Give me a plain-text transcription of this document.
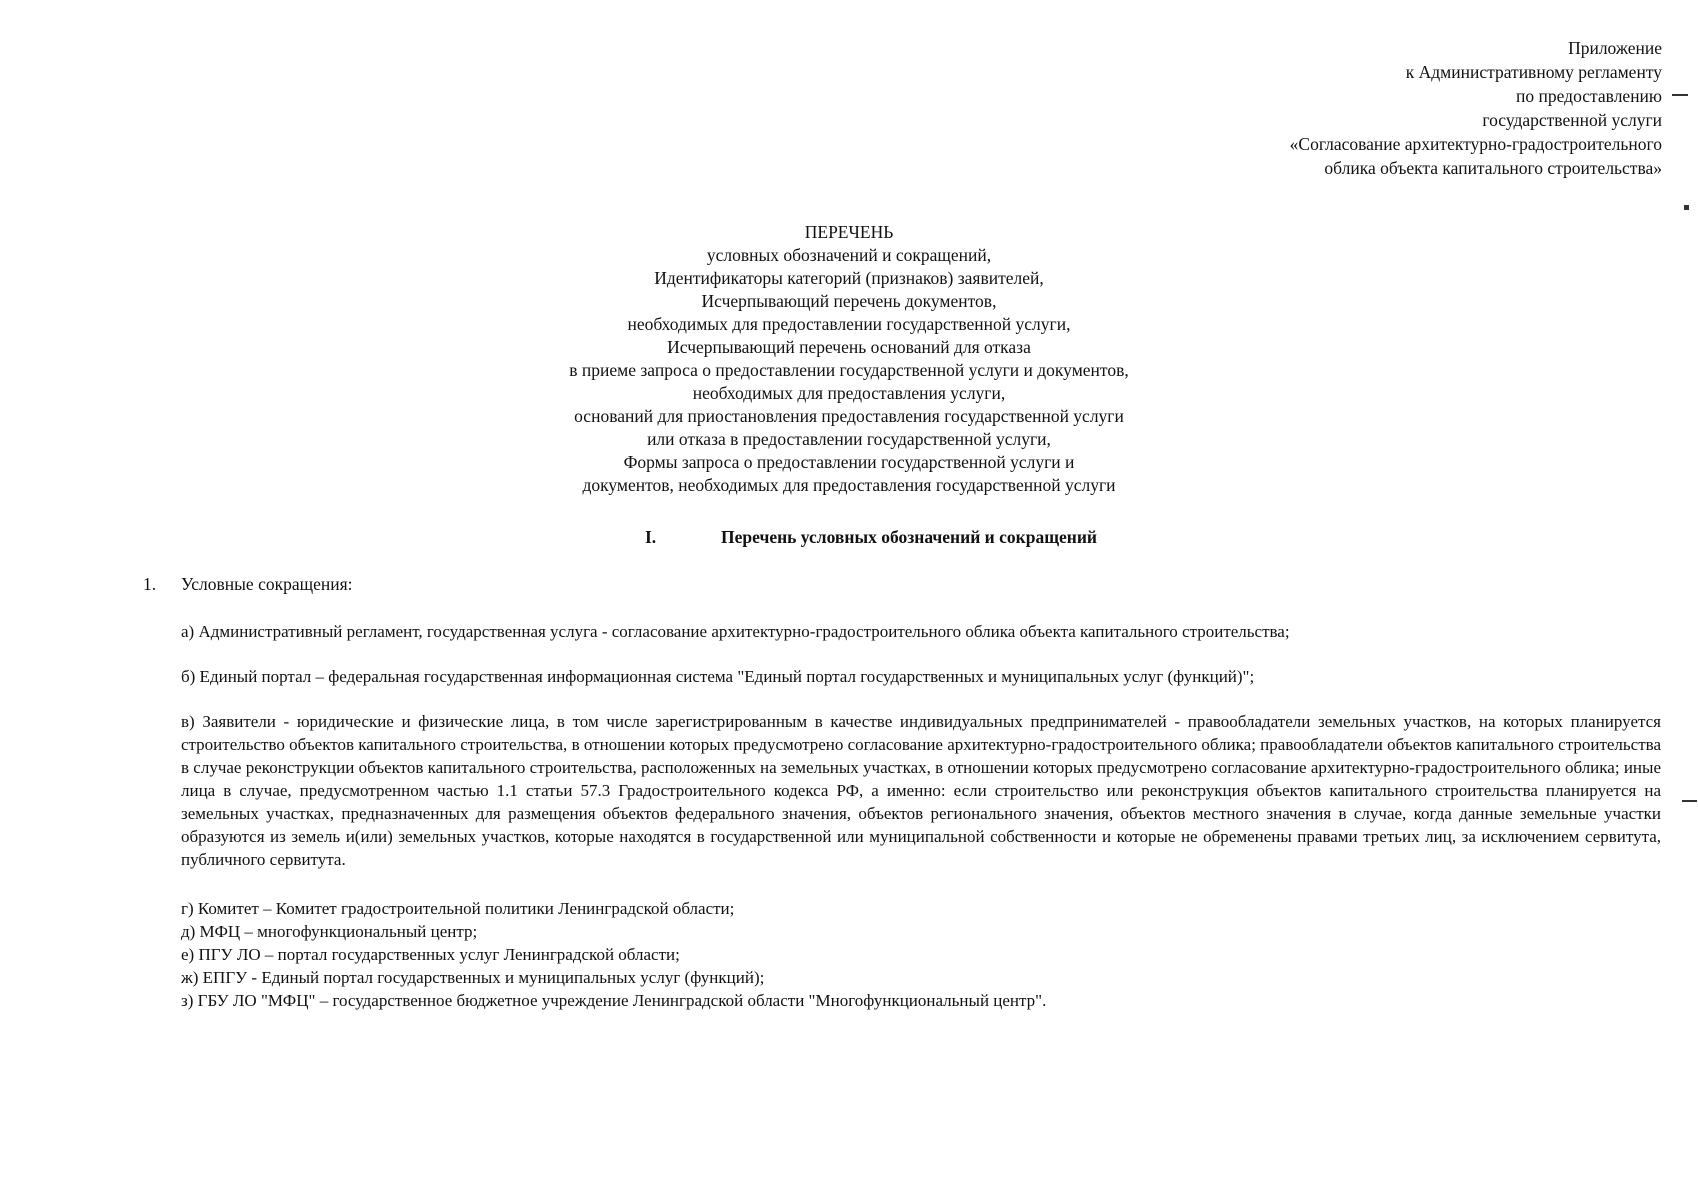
Приложение
к Административному регламенту
по предоставлению
государственной услуги
«Согласование архитектурно-градостроительного
облика объекта капитального строительства»
ПЕРЕЧЕНЬ
условных обозначений и сокращений,
Идентификаторы категорий (признаков) заявителей,
Исчерпывающий перечень документов,
необходимых для предоставлении государственной услуги,
Исчерпывающий перечень оснований для отказа
в приеме запроса о предоставлении государственной услуги и документов,
необходимых для предоставления услуги,
оснований для приостановления предоставления государственной услуги
или отказа в предоставлении государственной услуги,
Формы запроса о предоставлении государственной услуги и
документов, необходимых для предоставления государственной услуги
I.	Перечень условных обозначений и сокращений
1. Условные сокращения:
а) Административный регламент, государственная услуга - согласование архитектурно-градостроительного облика объекта капитального строительства;
б) Единый портал – федеральная государственная информационная система "Единый портал государственных и муниципальных услуг (функций)";
в) Заявители - юридические и физические лица, в том числе зарегистрированным в качестве индивидуальных предпринимателей - правообладатели земельных участков, на которых планируется строительство объектов капитального строительства, в отношении которых предусмотрено согласование архитектурно-градостроительного облика; правообладатели объектов капитального строительства в случае реконструкции объектов капитального строительства, расположенных на земельных участках, в отношении которых предусмотрено согласование архитектурно-градостроительного облика; иные лица в случае, предусмотренном частью 1.1 статьи 57.3 Градостроительного кодекса РФ, а именно: если строительство или реконструкция объектов капитального строительства планируется на земельных участках, предназначенных для размещения объектов федерального значения, объектов регионального значения, объектов местного значения в случае, когда данные земельные участки образуются из земель и(или) земельных участков, которые находятся в государственной или муниципальной собственности и которые не обременены правами третьих лиц, за исключением сервитута, публичного сервитута.
г) Комитет – Комитет градостроительной политики Ленинградской области;
д) МФЦ – многофункциональный центр;
е) ПГУ ЛО – портал государственных услуг Ленинградской области;
ж) ЕПГУ - Единый портал государственных и муниципальных услуг (функций);
з) ГБУ ЛО "МФЦ" – государственное бюджетное учреждение Ленинградской области "Многофункциональный центр".
